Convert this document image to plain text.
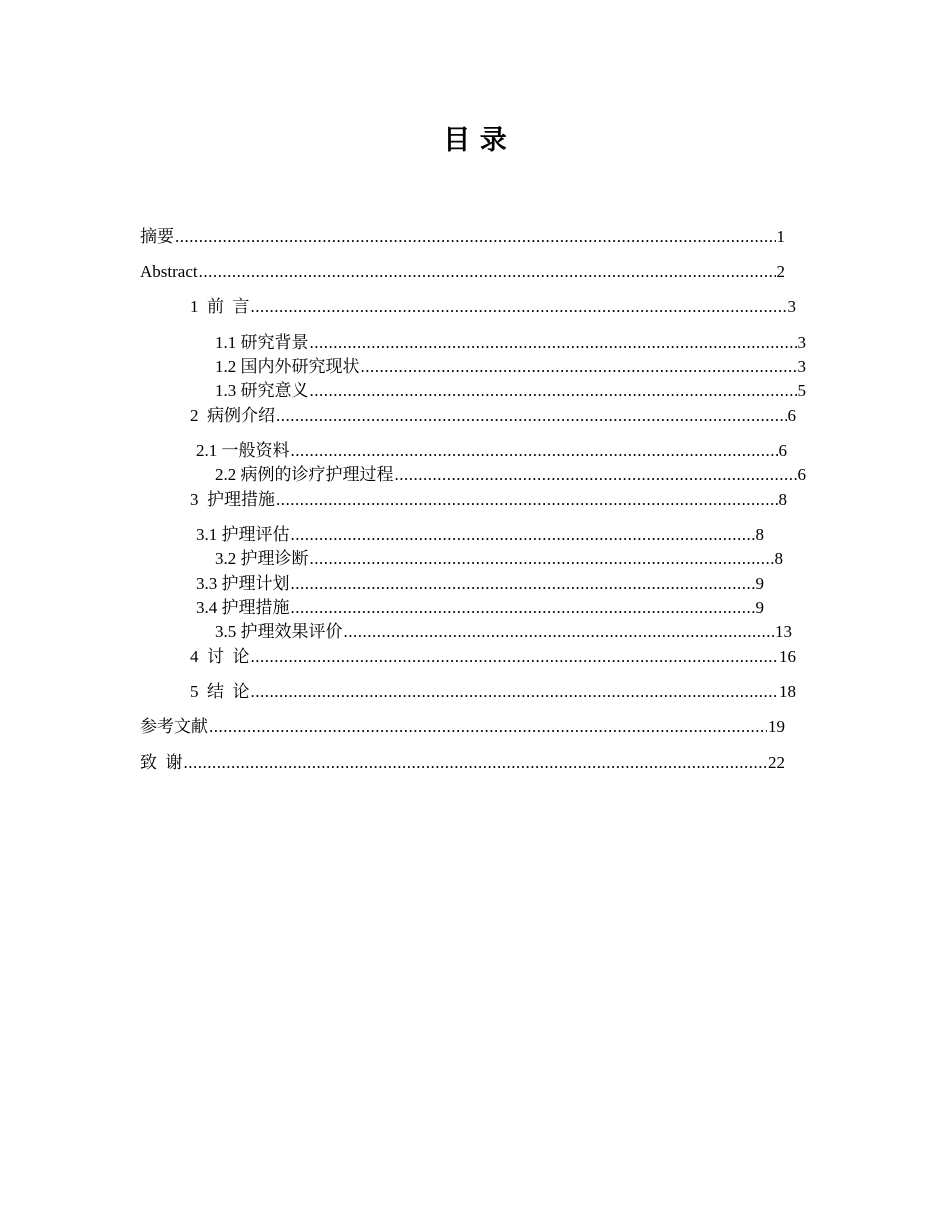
目 录
摘要 .....	1
Abstract .....	2
1  前  言 .....	3
1.1 研究背景 .....	3
1.2 国内外研究现状 .....	3
1.3 研究意义 .....	5
2  病例介绍 .....	6
2.1 一般资料 .....	6
2.2 病例的诊疗护理过程 .....	6
3  护理措施 .....	8
3.1 护理评估 .....	8
3.2 护理诊断 .....	8
3.3 护理计划 .....	9
3.4 护理措施 .....	9
3.5 护理效果评价 .....	13
4  讨  论 .....	16
5  结  论 .....	18
参考文献 .....	19
致  谢 .....	22
